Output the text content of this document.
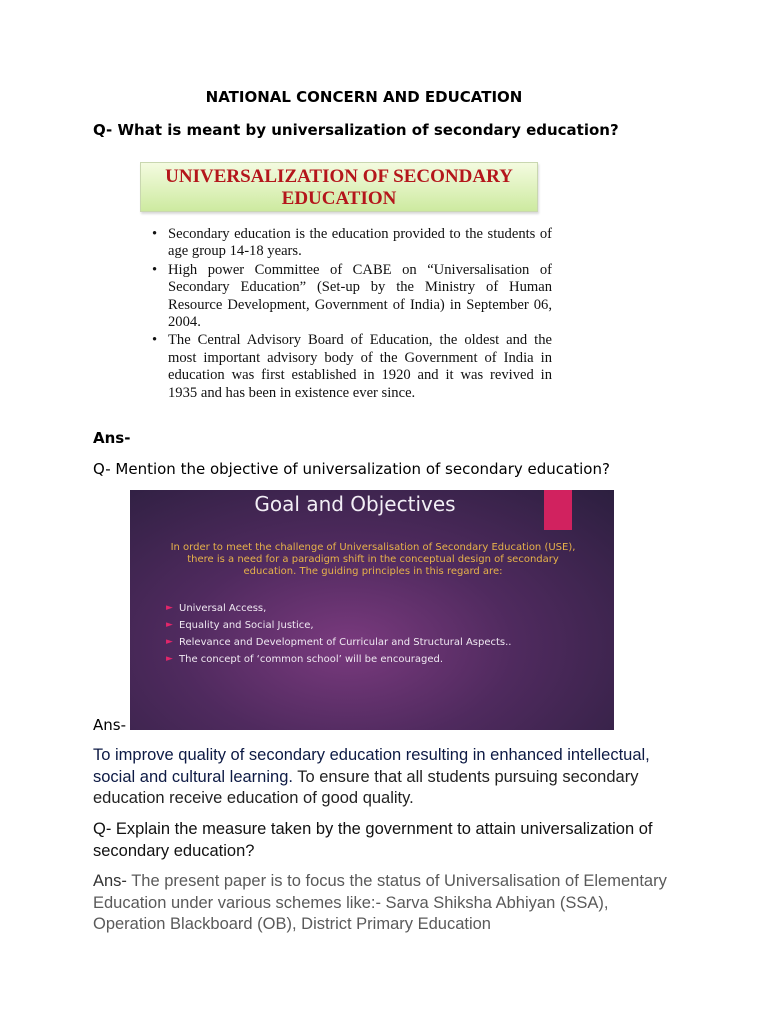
NATIONAL CONCERN AND EDUCATION
Q- What is meant by universalization of secondary education?
UNIVERSALIZATION OF SECONDARY
EDUCATION
• Secondary education is the education provided to the students of age group 14-18 years.
• High power Committee of CABE on “Universalisation of Secondary Education” (Set-up by the Ministry of Human Resource Development, Government of India) in September 06, 2004.
• The Central Advisory Board of Education, the oldest and the most important advisory body of the Government of India in education was first established in 1920 and it was revived in 1935 and has been in existence ever since.
Ans-
Q- Mention the objective of universalization of secondary education?
Goal and Objectives
In order to meet the challenge of Universalisation of Secondary Education (USE), there is a need for a paradigm shift in the conceptual design of secondary education. The guiding principles in this regard are:
► Universal Access,
► Equality and Social Justice,
► Relevance and Development of Curricular and Structural Aspects..
► The concept of ‘common school’ will be encouraged.
Ans-
To improve quality of secondary education resulting in enhanced intellectual, social and cultural learning. To ensure that all students pursuing secondary education receive education of good quality.
Q- Explain the measure taken by the government to attain universalization of secondary education?
Ans- The present paper is to focus the status of Universalisation of Elementary Education under various schemes like:- Sarva Shiksha Abhiyan (SSA), Operation Blackboard (OB), District Primary Education
